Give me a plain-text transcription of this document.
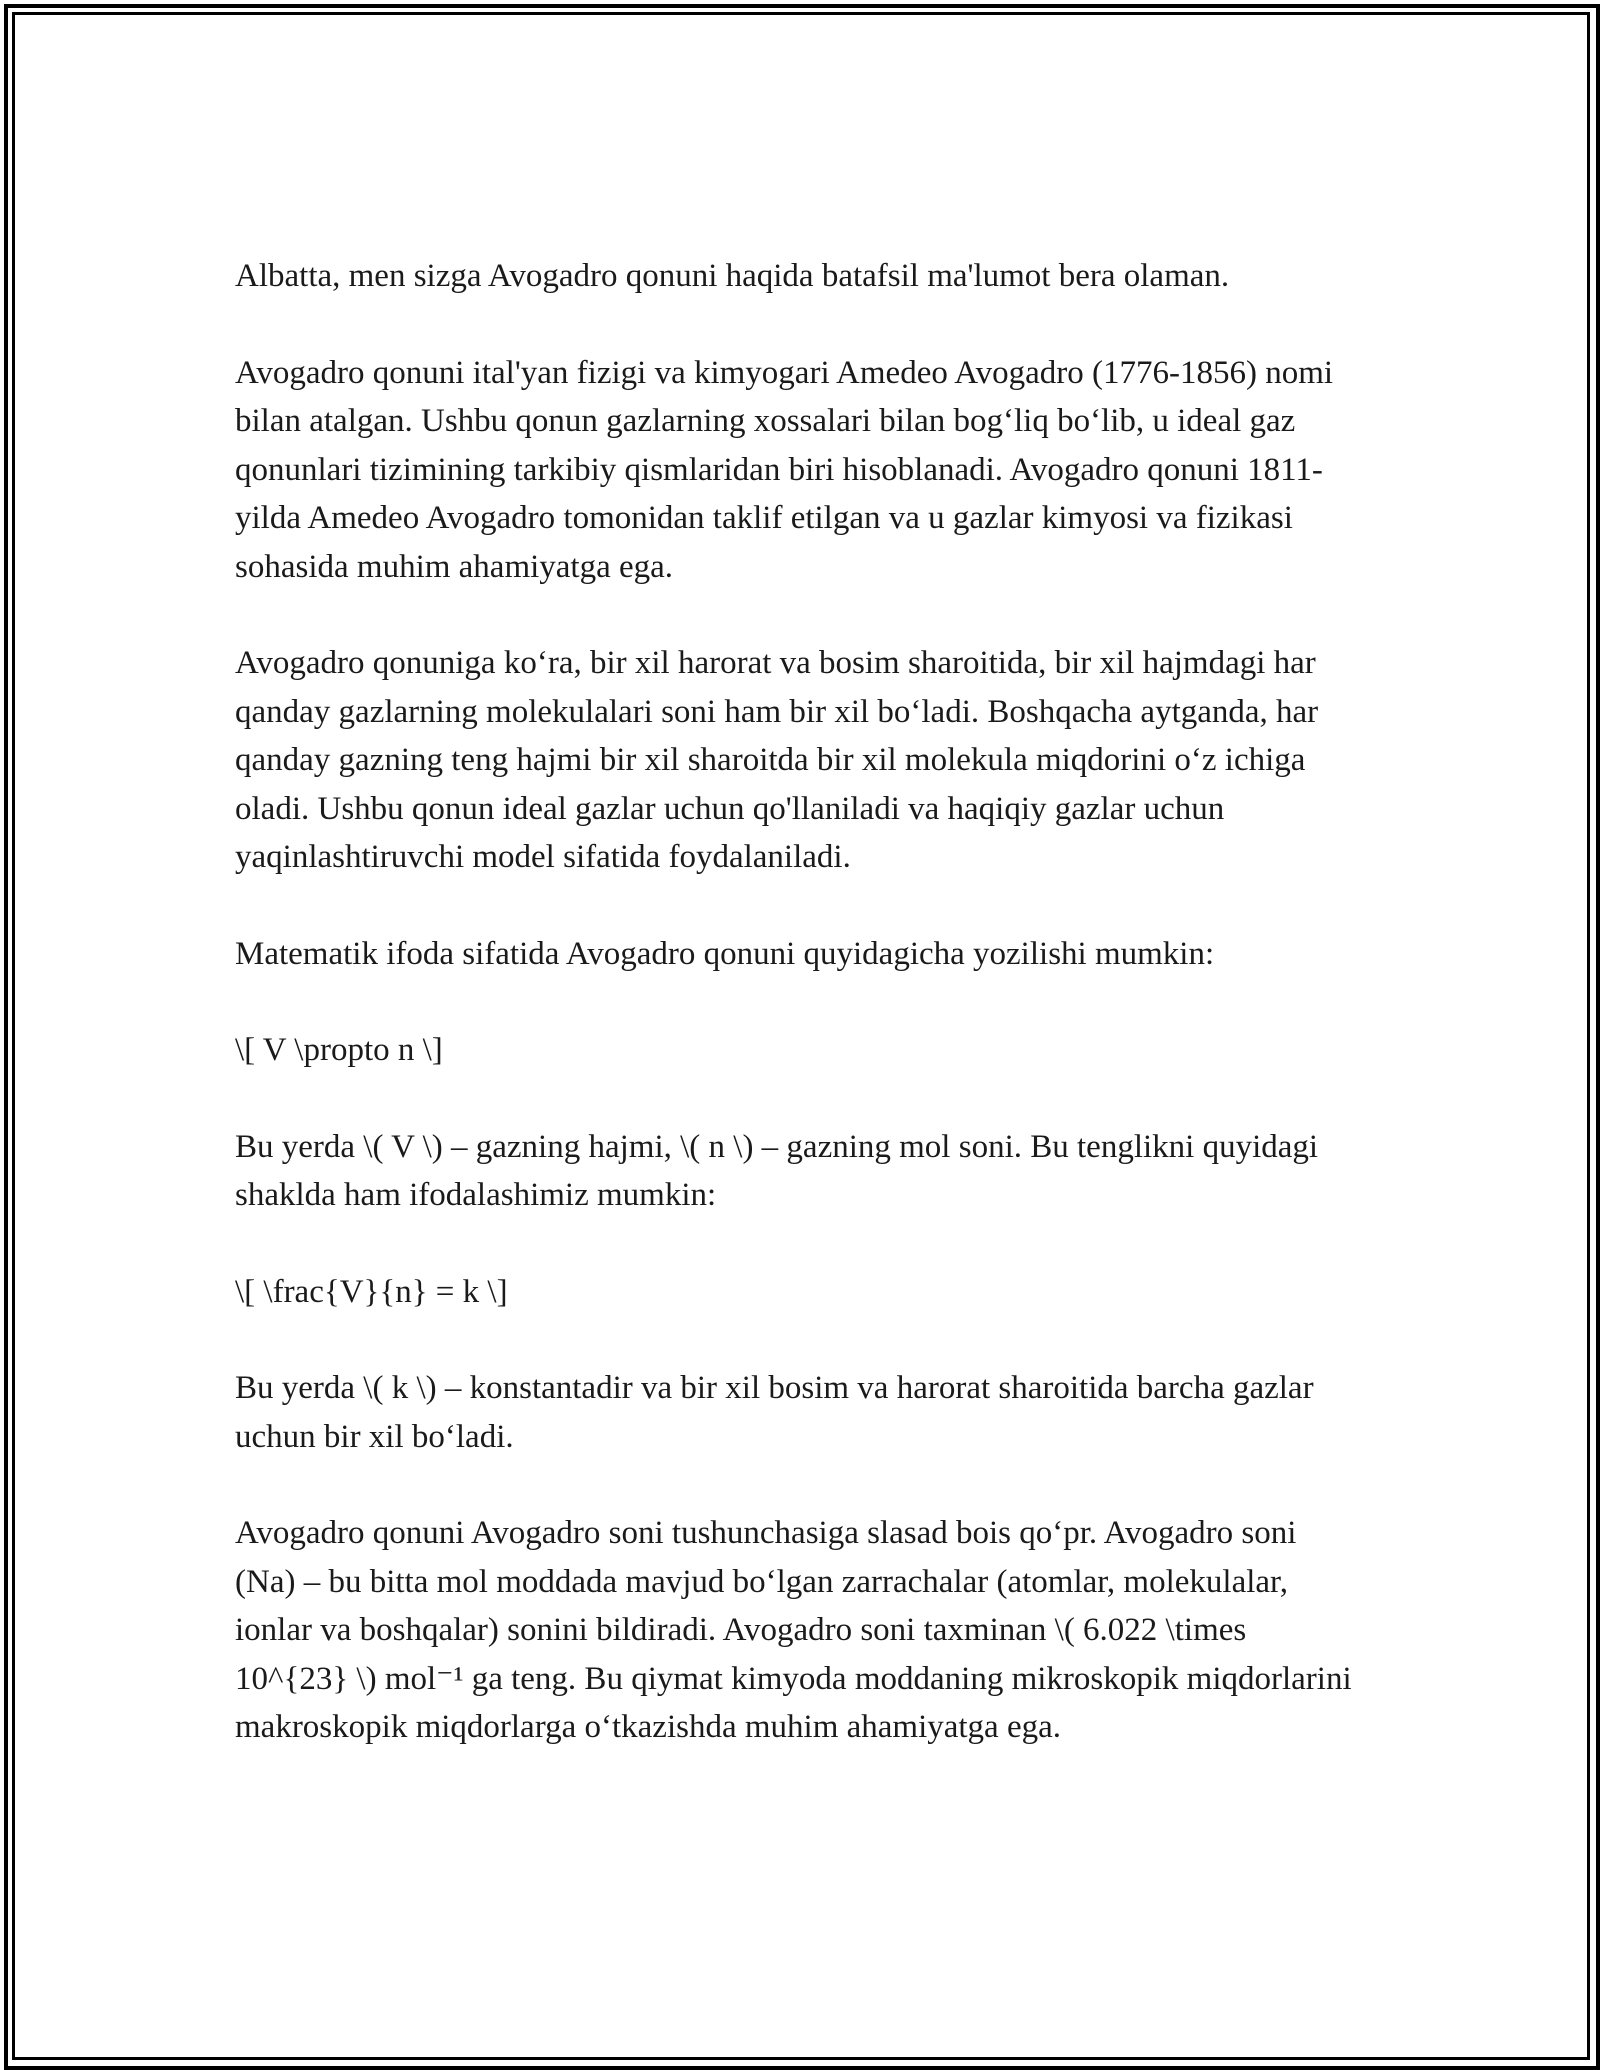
Albatta, men sizga Avogadro qonuni haqida batafsil ma'lumot bera olaman.

Avogadro qonuni ital'yan fizigi va kimyogari Amedeo Avogadro (1776-1856) nomi bilan atalgan. Ushbu qonun gazlarning xossalari bilan bog‘liq bo‘lib, u ideal gaz qonunlari tizimining tarkibiy qismlaridan biri hisoblanadi. Avogadro qonuni 1811-yilda Amedeo Avogadro tomonidan taklif etilgan va u gazlar kimyosi va fizikasi sohasida muhim ahamiyatga ega.

Avogadro qonuniga ko‘ra, bir xil harorat va bosim sharoitida, bir xil hajmdagi har qanday gazlarning molekulalari soni ham bir xil bo‘ladi. Boshqacha aytganda, har qanday gazning teng hajmi bir xil sharoitda bir xil molekula miqdorini o‘z ichiga oladi. Ushbu qonun ideal gazlar uchun qo'llaniladi va haqiqiy gazlar uchun yaqinlashtiruvchi model sifatida foydalaniladi.

Matematik ifoda sifatida Avogadro qonuni quyidagicha yozilishi mumkin:

\[ V \propto n \]

Bu yerda \( V \) – gazning hajmi, \( n \) – gazning mol soni. Bu tenglikni quyidagi shaklda ham ifodalashimiz mumkin:

\[ \frac{V}{n} = k \]

Bu yerda \( k \) – konstantadir va bir xil bosim va harorat sharoitida barcha gazlar uchun bir xil bo‘ladi.

Avogadro qonuni Avogadro soni tushunchasiga slasad bois qo‘pr. Avogadro soni (Na) – bu bitta mol moddada mavjud bo‘lgan zarrachalar (atomlar, molekulalar, ionlar va boshqalar) sonini bildiradi. Avogadro soni taxminan \( 6.022 \times 10^{23} \) mol⁻¹ ga teng. Bu qiymat kimyoda moddaning mikroskopik miqdorlarini makroskopik miqdorlarga o‘tkazishda muhim ahamiyatga ega.
